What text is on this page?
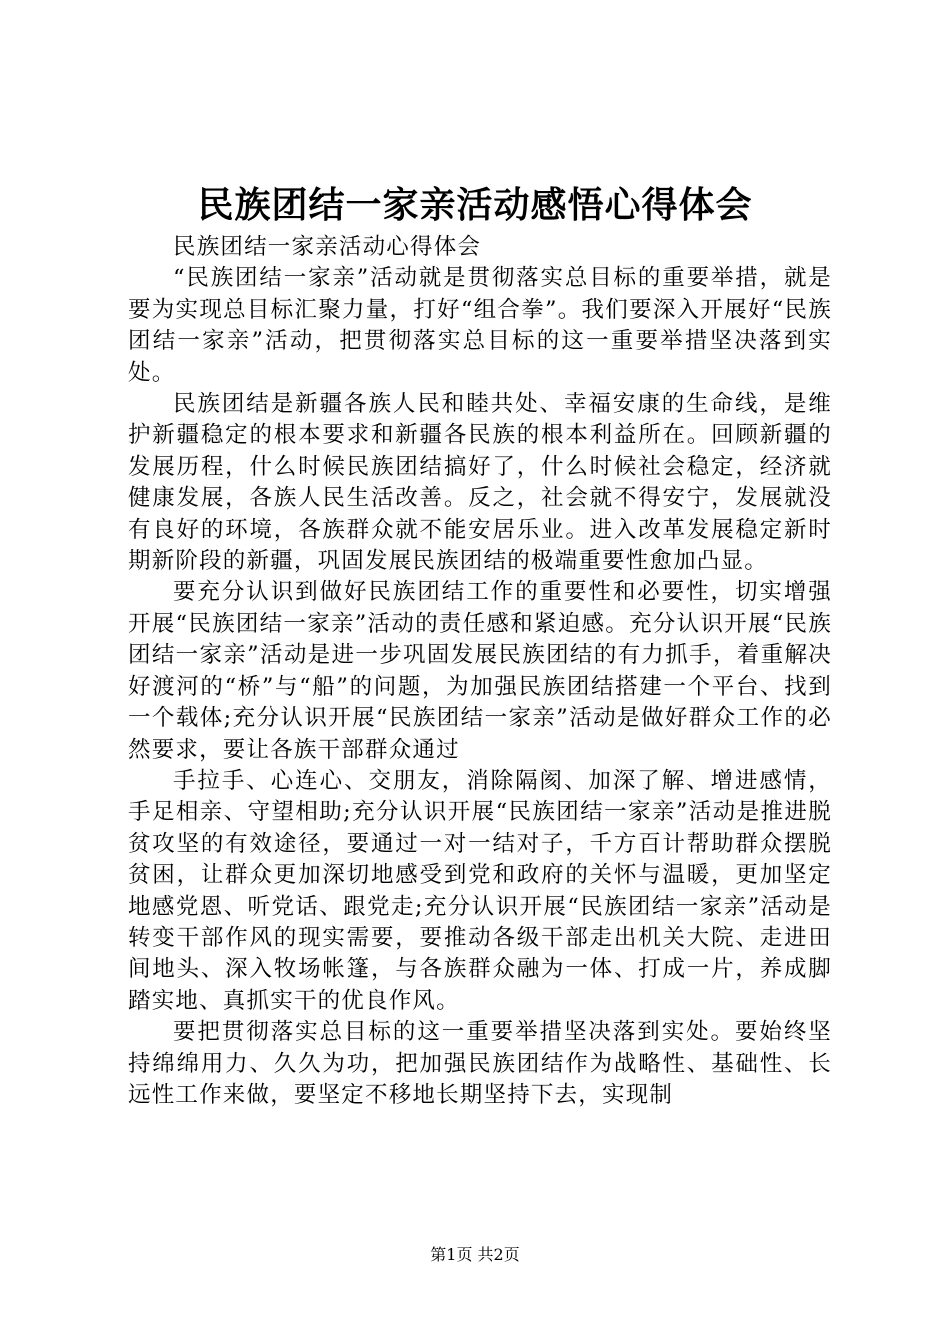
民族团结一家亲活动感悟心得体会

民族团结一家亲活动心得体会

“民族团结一家亲”活动就是贯彻落实总目标的重要举措，就是要为实现总目标汇聚力量，打好“组合拳”。我们要深入开展好“民族团结一家亲”活动，把贯彻落实总目标的这一重要举措坚决落到实处。

民族团结是新疆各族人民和睦共处、幸福安康的生命线，是维护新疆稳定的根本要求和新疆各民族的根本利益所在。回顾新疆的发展历程，什么时候民族团结搞好了，什么时候社会稳定，经济就健康发展，各族人民生活改善。反之，社会就不得安宁，发展就没有良好的环境，各族群众就不能安居乐业。进入改革发展稳定新时期新阶段的新疆，巩固发展民族团结的极端重要性愈加凸显。

要充分认识到做好民族团结工作的重要性和必要性，切实增强开展“民族团结一家亲”活动的责任感和紧迫感。充分认识开展“民族团结一家亲”活动是进一步巩固发展民族团结的有力抓手，着重解决好渡河的“桥”与“船”的问题，为加强民族团结搭建一个平台、找到一个载体;充分认识开展“民族团结一家亲”活动是做好群众工作的必然要求，要让各族干部群众通过

手拉手、心连心、交朋友，消除隔阂、加深了解、增进感情，手足相亲、守望相助;充分认识开展“民族团结一家亲”活动是推进脱贫攻坚的有效途径，要通过一对一结对子，千方百计帮助群众摆脱贫困，让群众更加深切地感受到党和政府的关怀与温暖，更加坚定地感党恩、听党话、跟党走;充分认识开展“民族团结一家亲”活动是转变干部作风的现实需要，要推动各级干部走出机关大院、走进田间地头、深入牧场帐篷，与各族群众融为一体、打成一片，养成脚踏实地、真抓实干的优良作风。

要把贯彻落实总目标的这一重要举措坚决落到实处。要始终坚持绵绵用力、久久为功，把加强民族团结作为战略性、基础性、长远性工作来做，要坚定不移地长期坚持下去，实现制

第1页 共2页
